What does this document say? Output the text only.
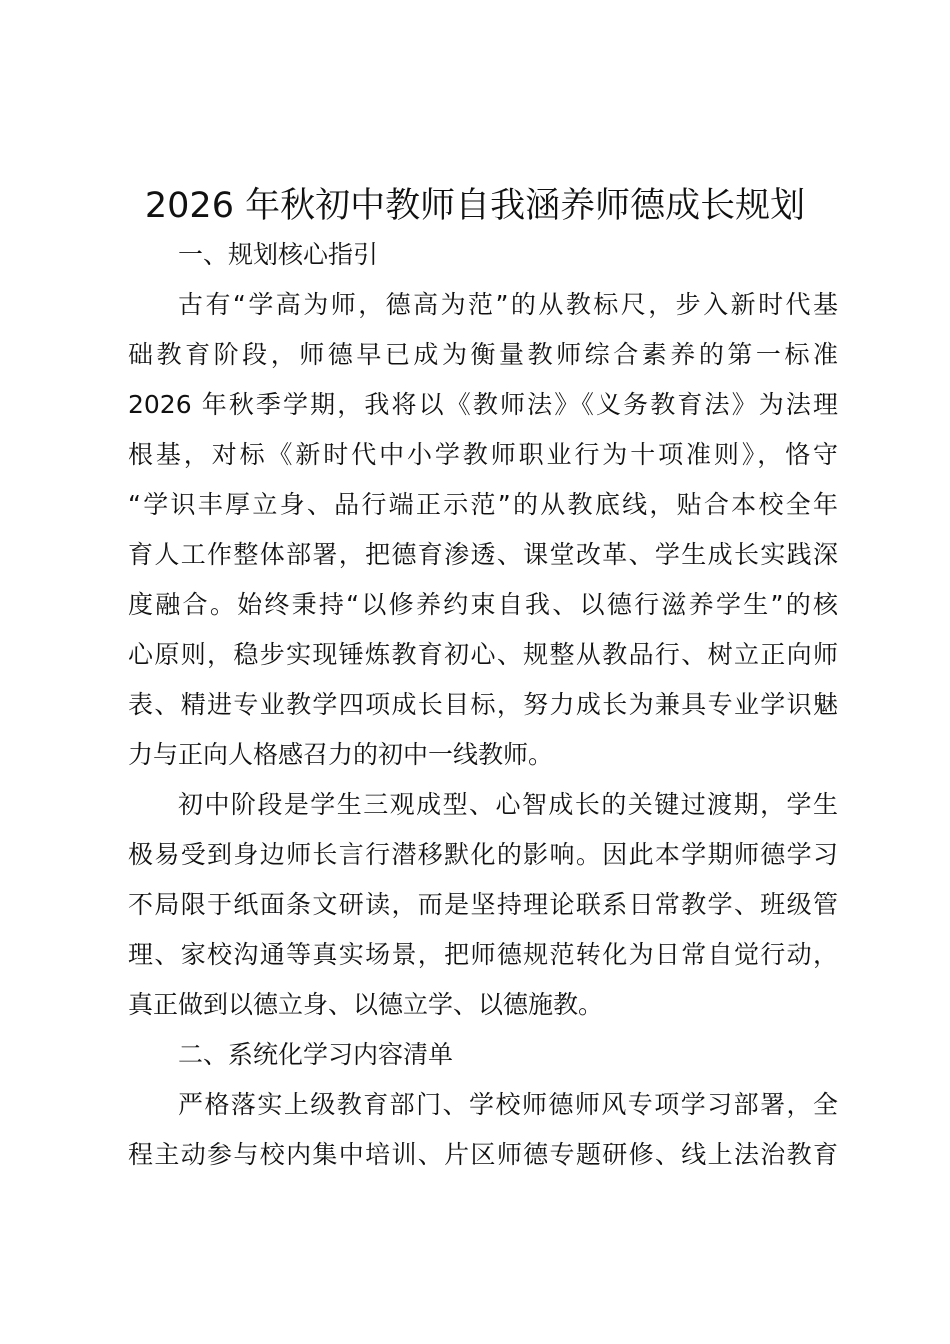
2026 年秋初中教师自我涵养师德成长规划
一、规划核心指引
古有“学高为师，德高为范”的从教标尺，步入新时代基
础教育阶段，师德早已成为衡量教师综合素养的第一标准
2026 年秋季学期，我将以《教师法》《义务教育法》为法理
根基，对标《新时代中小学教师职业行为十项准则》，恪守
“学识丰厚立身、品行端正示范”的从教底线，贴合本校全年
育人工作整体部署，把德育渗透、课堂改革、学生成长实践深
度融合。始终秉持“以修养约束自我、以德行滋养学生”的核
心原则，稳步实现锤炼教育初心、规整从教品行、树立正向师
表、精进专业教学四项成长目标，努力成长为兼具专业学识魅
力与正向人格感召力的初中一线教师。
初中阶段是学生三观成型、心智成长的关键过渡期，学生
极易受到身边师长言行潜移默化的影响。因此本学期师德学习
不局限于纸面条文研读，而是坚持理论联系日常教学、班级管
理、家校沟通等真实场景，把师德规范转化为日常自觉行动，
真正做到以德立身、以德立学、以德施教。
二、系统化学习内容清单
严格落实上级教育部门、学校师德师风专项学习部署，全
程主动参与校内集中培训、片区师德专题研修、线上法治教育
